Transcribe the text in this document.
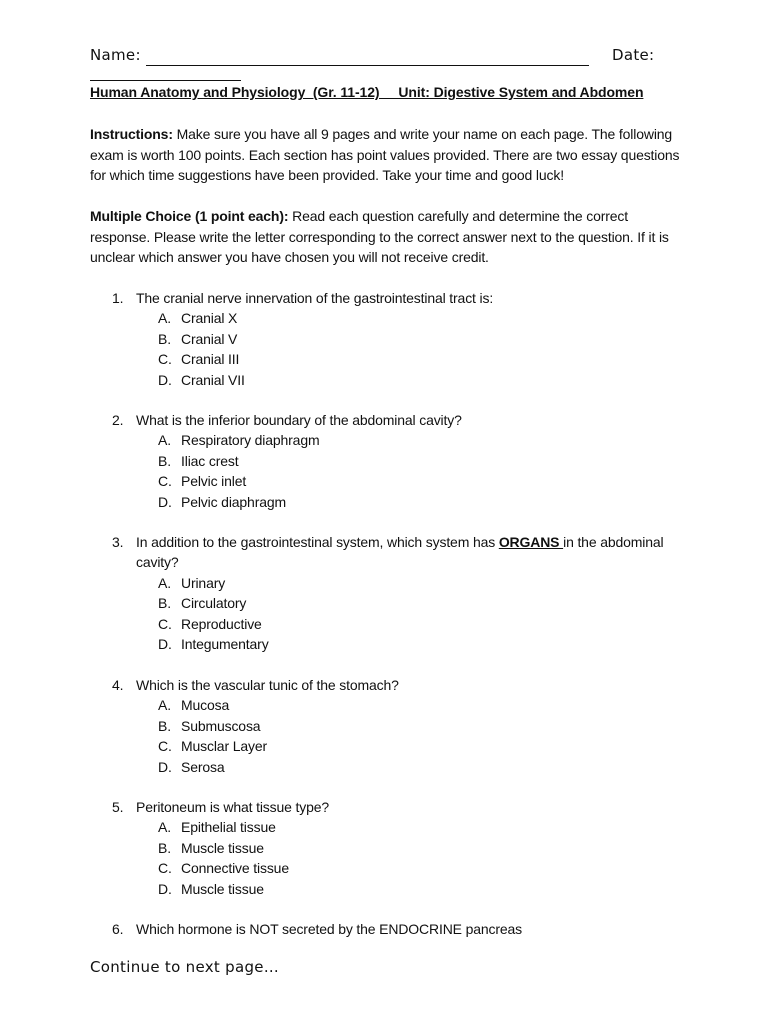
Name:	Date:
Human Anatomy and Physiology  (Gr. 11-12)     Unit: Digestive System and Abdomen
Instructions: Make sure you have all 9 pages and write your name on each page. The following exam is worth 100 points. Each section has point values provided. There are two essay questions for which time suggestions have been provided. Take your time and good luck!
Multiple Choice (1 point each): Read each question carefully and determine the correct response. Please write the letter corresponding to the correct answer next to the question. If it is unclear which answer you have chosen you will not receive credit.
1. The cranial nerve innervation of the gastrointestinal tract is:
A. Cranial X
B. Cranial V
C. Cranial III
D. Cranial VII
2. What is the inferior boundary of the abdominal cavity?
A. Respiratory diaphragm
B. Iliac crest
C. Pelvic inlet
D. Pelvic diaphragm
3. In addition to the gastrointestinal system, which system has ORGANS in the abdominal cavity?
A. Urinary
B. Circulatory
C. Reproductive
D. Integumentary
4. Which is the vascular tunic of the stomach?
A. Mucosa
B. Submuscosa
C. Musclar Layer
D. Serosa
5. Peritoneum is what tissue type?
A. Epithelial tissue
B. Muscle tissue
C. Connective tissue
D. Muscle tissue
6. Which hormone is NOT secreted by the ENDOCRINE pancreas
Continue to next page…
